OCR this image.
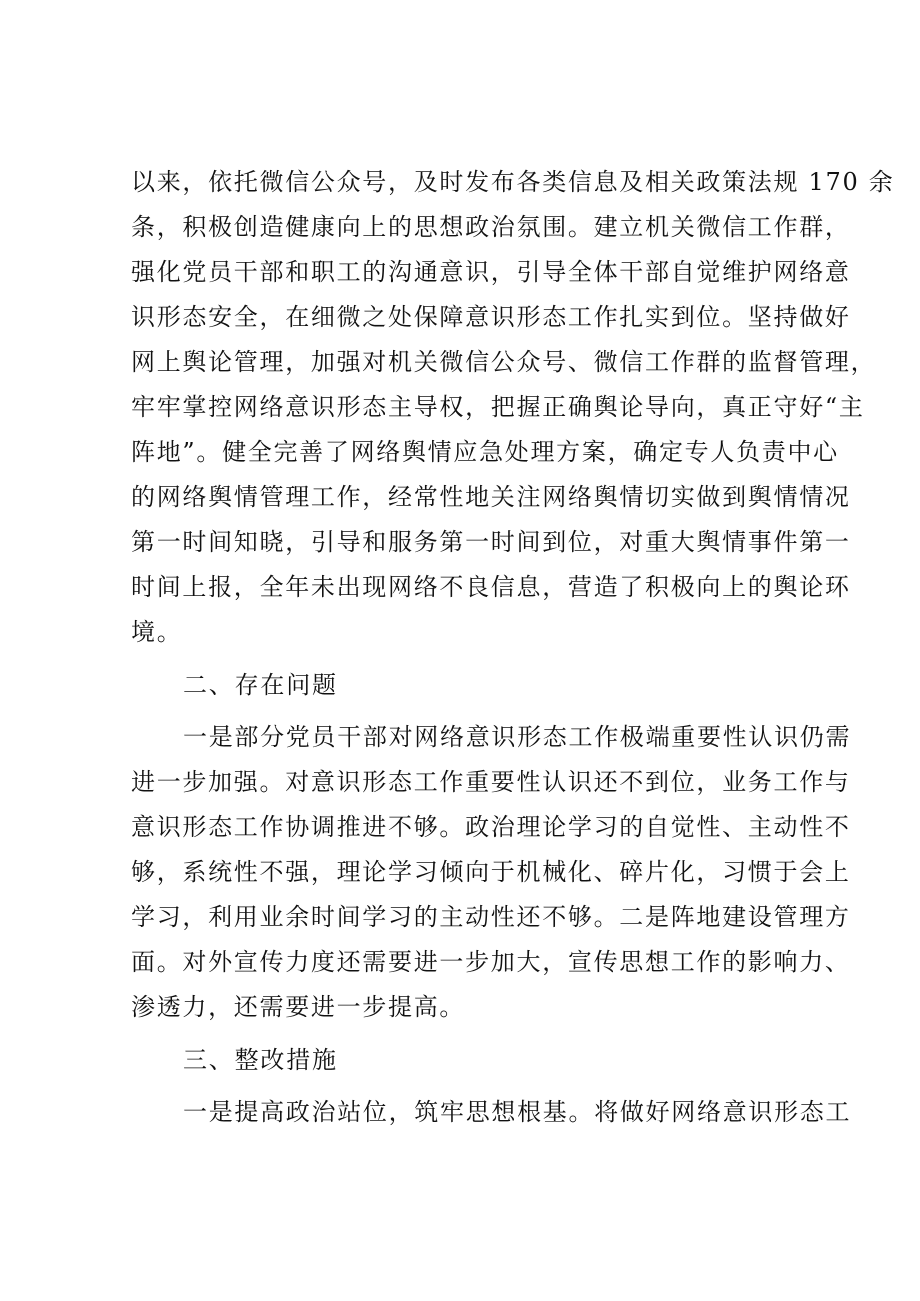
以来，依托微信公众号，及时发布各类信息及相关政策法规 170 余
条，积极创造健康向上的思想政治氛围。建立机关微信工作群，
强化党员干部和职工的沟通意识，引导全体干部自觉维护网络意
识形态安全，在细微之处保障意识形态工作扎实到位。坚持做好
网上舆论管理，加强对机关微信公众号、微信工作群的监督管理，
牢牢掌控网络意识形态主导权，把握正确舆论导向，真正守好“主
阵地”。健全完善了网络舆情应急处理方案，确定专人负责中心
的网络舆情管理工作，经常性地关注网络舆情切实做到舆情情况
第一时间知晓，引导和服务第一时间到位，对重大舆情事件第一
时间上报，全年未出现网络不良信息，营造了积极向上的舆论环
境。
二、存在问题
一是部分党员干部对网络意识形态工作极端重要性认识仍需
进一步加强。对意识形态工作重要性认识还不到位，业务工作与
意识形态工作协调推进不够。政治理论学习的自觉性、主动性不
够，系统性不强，理论学习倾向于机械化、碎片化，习惯于会上
学习，利用业余时间学习的主动性还不够。二是阵地建设管理方
面。对外宣传力度还需要进一步加大，宣传思想工作的影响力、
渗透力，还需要进一步提高。
三、整改措施
一是提高政治站位，筑牢思想根基。将做好网络意识形态工
